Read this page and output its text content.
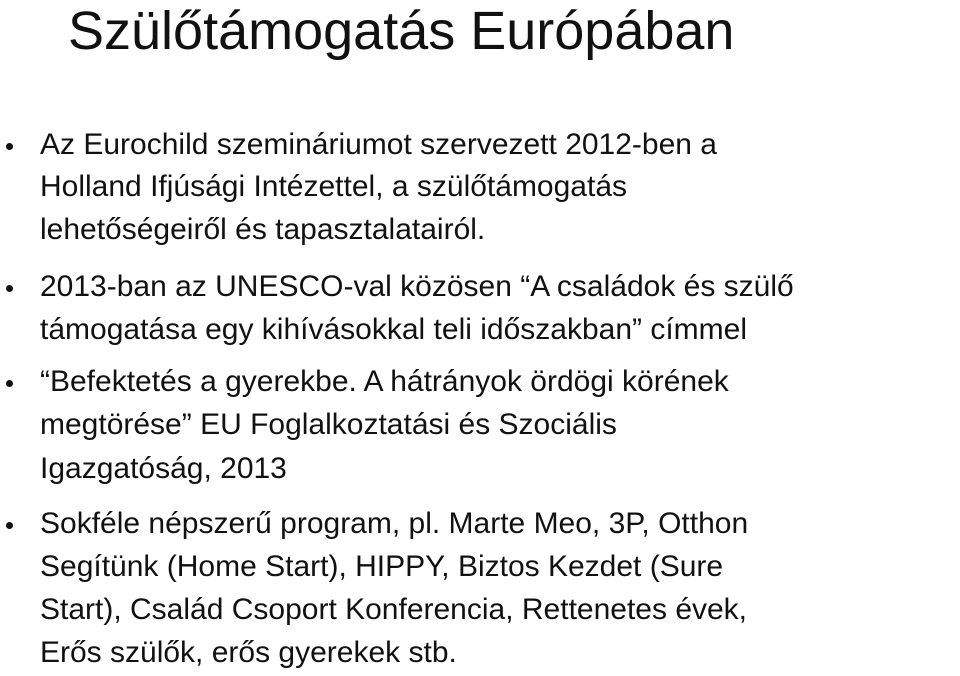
Szülőtámogatás Európában
Az Eurochild szemináriumot szervezett 2012-ben a
Holland Ifjúsági Intézettel, a szülőtámogatás
lehetőségeiről és tapasztalatairól.
2013-ban az UNESCO-val közösen “A családok és szülő
támogatása egy kihívásokkal teli időszakban” címmel
“Befektetés a gyerekbe. A hátrányok ördögi körének
megtörése” EU Foglalkoztatási és Szociális
Igazgatóság, 2013
Sokféle népszerű program, pl. Marte Meo, 3P, Otthon
Segítünk (Home Start), HIPPY, Biztos Kezdet (Sure
Start), Család Csoport Konferencia, Rettenetes évek,
Erős szülők, erős gyerekek stb.
